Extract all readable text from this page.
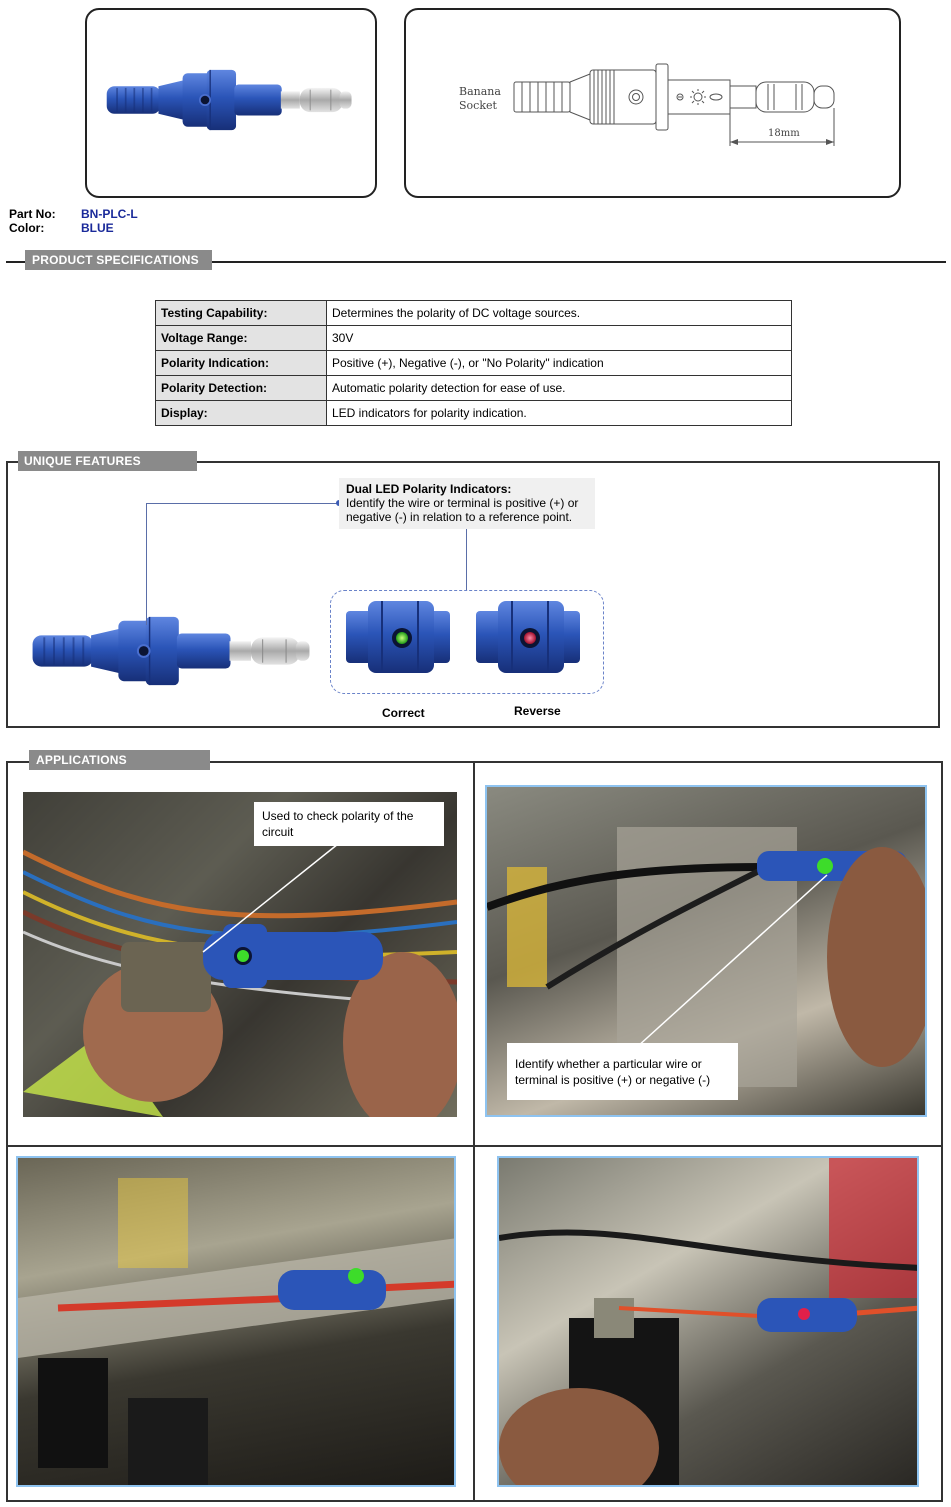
Banana
Socket
18mm
Part No: BN-PLC-L
Color:	BLUE
PRODUCT SPECIFICATIONS
Testing Capability:	Determines the polarity of DC voltage sources.
Voltage Range:	30V
Polarity Indication:	Positive (+), Negative (-), or "No Polarity" indication
Polarity Detection:	Automatic polarity detection for ease of use.
Display:	LED indicators for polarity indication.
UNIQUE FEATURES
Dual LED Polarity Indicators:
Identify the wire or terminal is positive (+) or negative (-) in relation to a reference point.
Correct	Reverse
APPLICATIONS
Used to check polarity of the circuit
Identify whether a particular wire or terminal is positive (+) or negative (-)
